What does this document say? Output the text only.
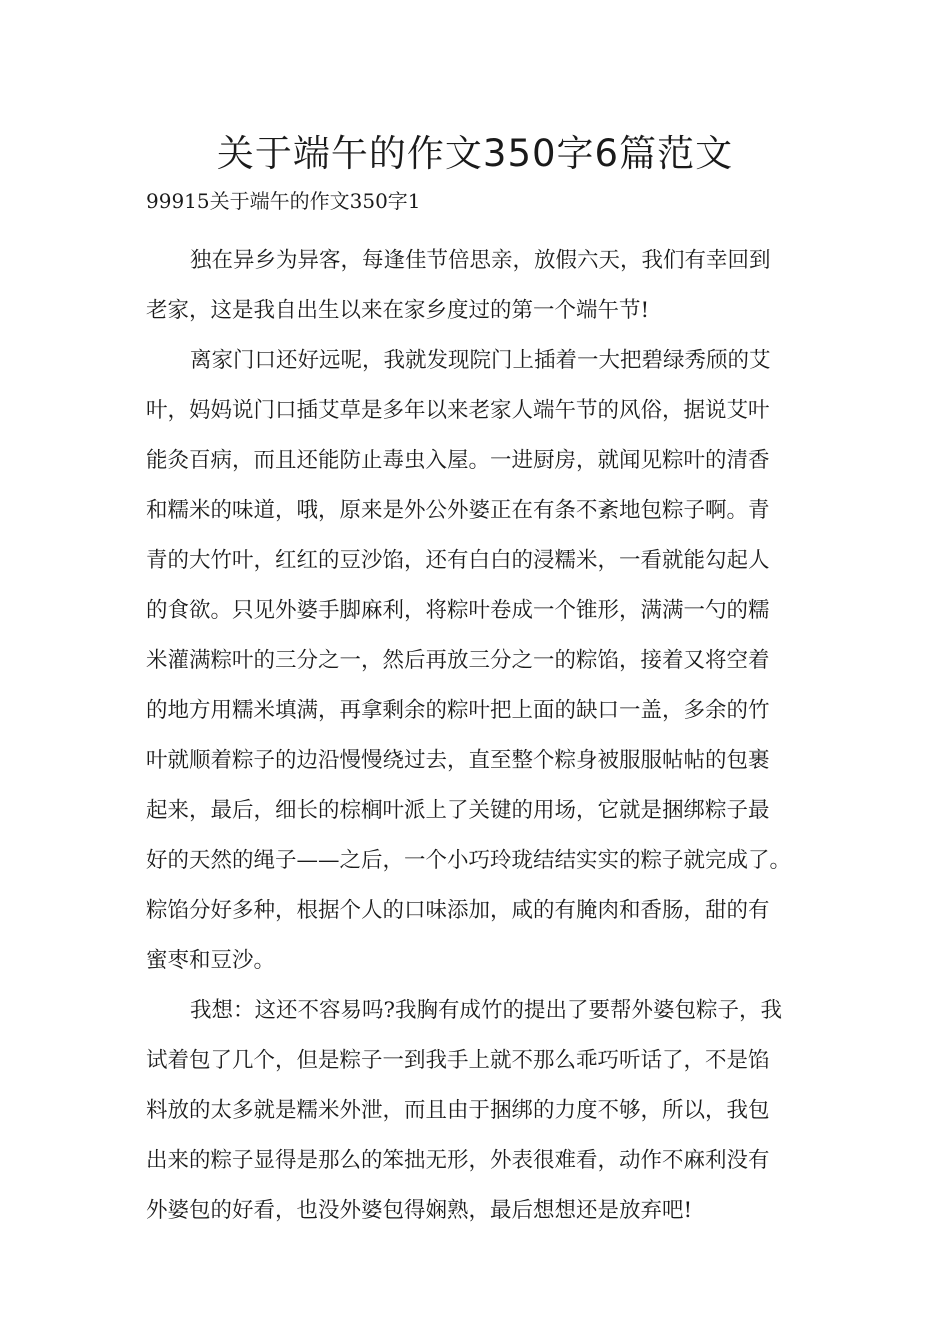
关于端午的作文350字6篇范文

99915关于端午的作文350字1

独在异乡为异客，每逢佳节倍思亲，放假六天，我们有幸回到
老家，这是我自出生以来在家乡度过的第一个端午节!
离家门口还好远呢，我就发现院门上插着一大把碧绿秀颀的艾
叶，妈妈说门口插艾草是多年以来老家人端午节的风俗，据说艾叶
能灸百病，而且还能防止毒虫入屋。一进厨房，就闻见粽叶的清香
和糯米的味道，哦，原来是外公外婆正在有条不紊地包粽子啊。青
青的大竹叶，红红的豆沙馅，还有白白的浸糯米，一看就能勾起人
的食欲。只见外婆手脚麻利，将粽叶卷成一个锥形，满满一勺的糯
米灌满粽叶的三分之一，然后再放三分之一的粽馅，接着又将空着
的地方用糯米填满，再拿剩余的粽叶把上面的缺口一盖，多余的竹
叶就顺着粽子的边沿慢慢绕过去，直至整个粽身被服服帖帖的包裹
起来，最后，细长的棕榈叶派上了关键的用场，它就是捆绑粽子最
好的天然的绳子——之后，一个小巧玲珑结结实实的粽子就完成了。
粽馅分好多种，根据个人的口味添加，咸的有腌肉和香肠，甜的有
蜜枣和豆沙。
我想：这还不容易吗?我胸有成竹的提出了要帮外婆包粽子，我
试着包了几个，但是粽子一到我手上就不那么乖巧听话了，不是馅
料放的太多就是糯米外泄，而且由于捆绑的力度不够，所以，我包
出来的粽子显得是那么的笨拙无形，外表很难看，动作不麻利没有
外婆包的好看，也没外婆包得娴熟，最后想想还是放弃吧!
